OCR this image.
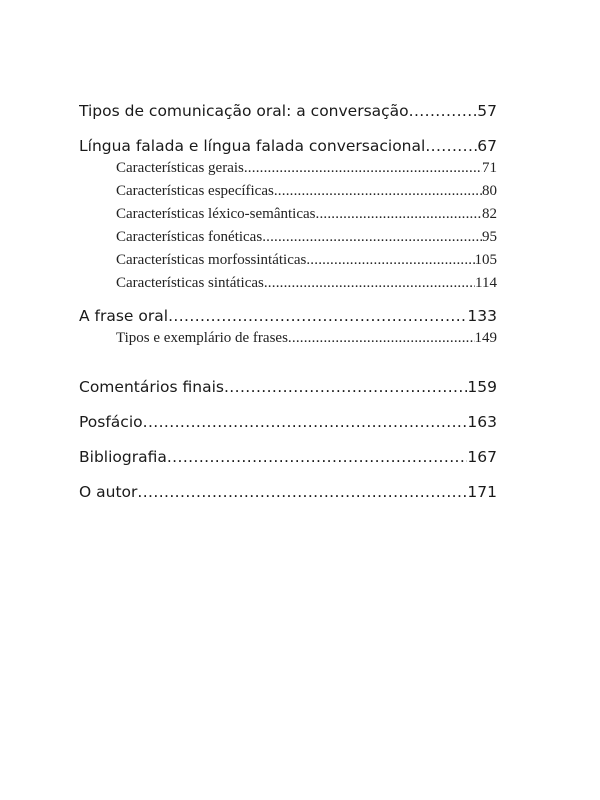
Tipos de comunicação oral: a conversação .....	57
Língua falada e língua falada conversacional .....	67
Características gerais .....	71
Características específicas .....	80
Características léxico-semânticas .....	82
Características fonéticas .....	95
Características morfossintáticas .....	105
Características sintáticas .....	114
A frase oral .....	133
Tipos e exemplário de frases .....	149
Comentários finais .....	159
Posfácio .....	163
Bibliografia .....	167
O autor .....	171
